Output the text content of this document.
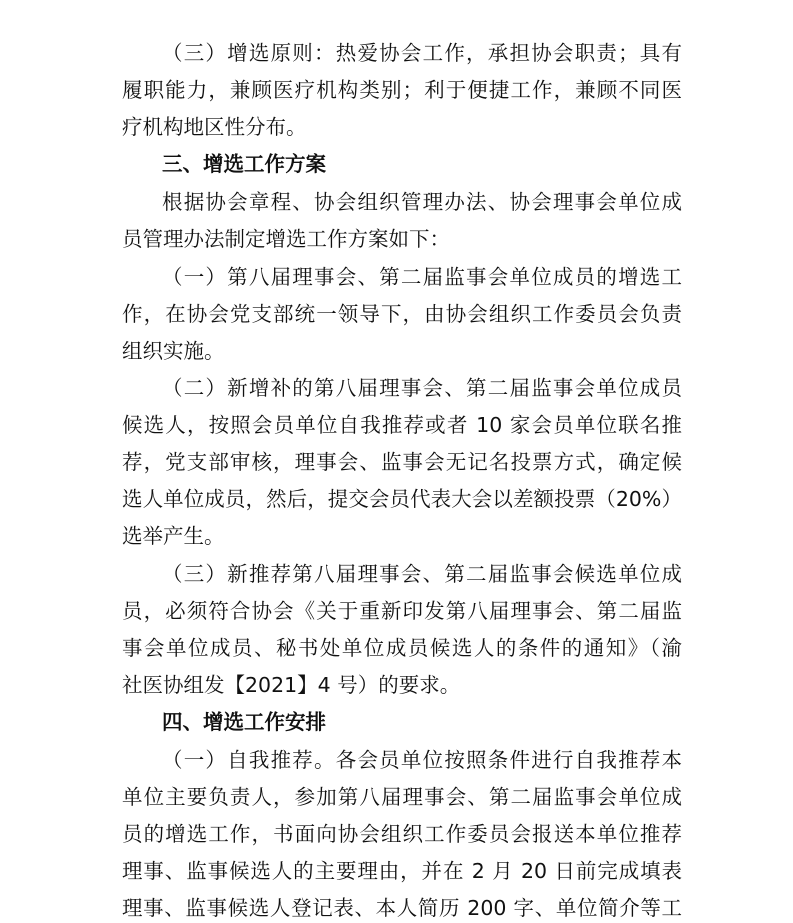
（三）增选原则：热爱协会工作，承担协会职责；具有
履职能力，兼顾医疗机构类别；利于便捷工作，兼顾不同医
疗机构地区性分布。
三、增选工作方案
根据协会章程、协会组织管理办法、协会理事会单位成
员管理办法制定增选工作方案如下：
（一）第八届理事会、第二届监事会单位成员的增选工
作，在协会党支部统一领导下，由协会组织工作委员会负责
组织实施。
（二）新增补的第八届理事会、第二届监事会单位成员
候选人，按照会员单位自我推荐或者 10 家会员单位联名推
荐，党支部审核，理事会、监事会无记名投票方式，确定候
选人单位成员，然后，提交会员代表大会以差额投票（20%）
选举产生。
（三）新推荐第八届理事会、第二届监事会候选单位成
员，必须符合协会《关于重新印发第八届理事会、第二届监
事会单位成员、秘书处单位成员候选人的条件的通知》（渝
社医协组发【2021】4 号）的要求。
四、增选工作安排
（一）自我推荐。各会员单位按照条件进行自我推荐本
单位主要负责人，参加第八届理事会、第二届监事会单位成
员的增选工作，书面向协会组织工作委员会报送本单位推荐
理事、监事候选人的主要理由，并在 2 月 20 日前完成填表
理事、监事候选人登记表、本人简历 200 字、单位简介等工
